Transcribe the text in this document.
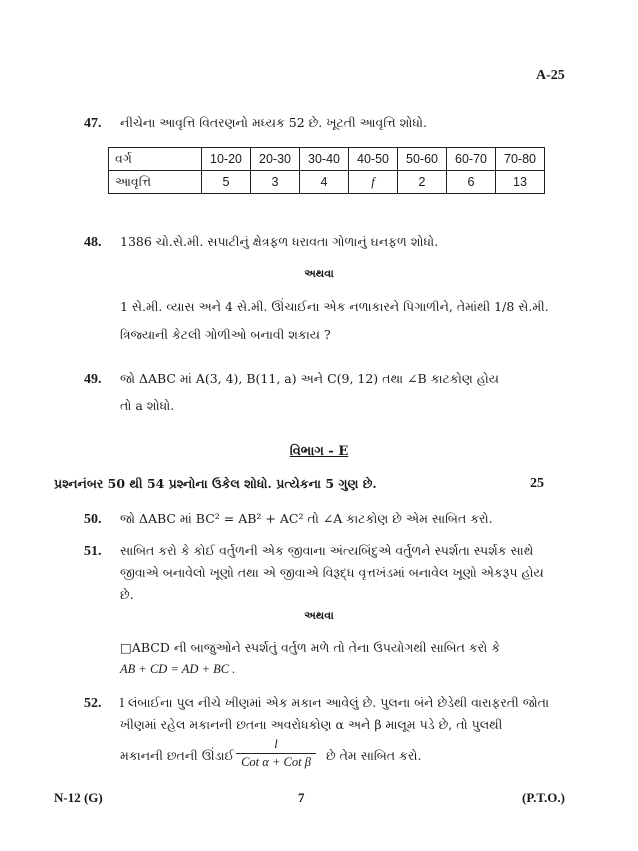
A-25
47. નીચેના આવૃત્તિ વિતરણનો મધ્યક 52 છે. ખૂટતી આવૃત્તિ શોધો.
વર્ગ	10-20	20-30	30-40	40-50	50-60	60-70	70-80
આવૃત્તિ	5	3	4	f	2	6	13
48. 1386 ચો.સે.મી. સપાટીનું ક્ષેત્રફળ ધરાવતા ગોળાનું ઘનફળ શોધો.
અથવા
1 સે.મી. વ્યાસ અને 4 સે.મી. ઊંચાઈના એક નળાકારને પિગાળીને, તેમાંથી 1/8 સે.મી.
ત્રિજ્યાની કેટલી ગોળીઓ બનાવી શકાય ?
49. જો ΔABC માં A(3, 4), B(11, a) અને C(9, 12) તથા ∠B કાટકોણ હોય
તો a શોધો.
વિભાગ - E
પ્રશ્નનંબર 50 થી 54 પ્રશ્નોના ઉકેલ શોધો. પ્રત્યેકના 5 ગુણ છે.	25
50. જો ΔABC માં BC² = AB² + AC² તો ∠A કાટકોણ છે એમ સાબિત કરો.
51. સાબિત કરો કે કોઈ વર્તુળની એક જીવાના અંત્યબિંદુએ વર્તુળને સ્પર્શતા સ્પર્શક સાથે
જીવાએ બનાવેલો ખૂણો તથા એ જીવાએ વિરૂદ્ધ વૃત્તખંડમાં બનાવેલ ખૂણો એકરૂપ હોય
છે.
અથવા
□ABCD ની બાજુઓને સ્પર્શતું વર્તુળ મળે તો તેના ઉપયોગથી સાબિત કરો કે
AB + CD = AD + BC .
52. l લંબાઈના પુલ નીચે ખીણમાં એક મકાન આવેલું છે. પુલના બંને છેડેથી વારાફરતી જોતા
ખીણમાં રહેલ મકાનની છતના અવરોધકોણ α અને β માલૂમ પડે છે, તો પુલથી
મકાનની છતની ઊંડાઈ
l
Cot α + Cot β	છે તેમ સાબિત કરો.
N-12 (G)	7	(P.T.O.)
